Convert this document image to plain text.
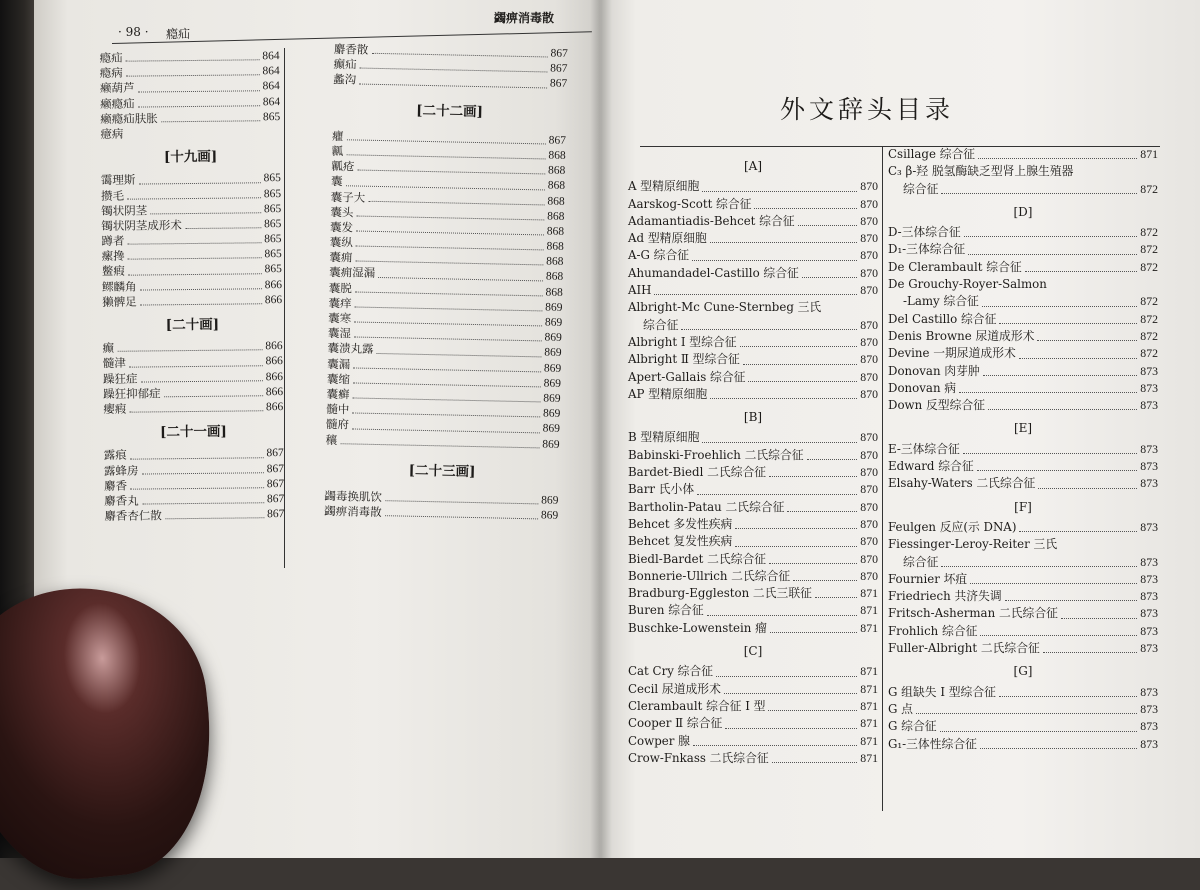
· 98 · 瘾疝
蠲痹消毒散
瘾疝	864
瘾病	864
癞葫芦	864
癞瘾疝	864
癞瘾疝肤胀	865
癔病
[十九画]
霭理斯	865
攒毛	865
镯状阴茎	865
镯状阴茎成形术	865
蹲者	865
瘰搀	865
鳖瘕	865
鳏麟角	866
獭髀足	866
[二十画]
癫	866
髓津	866
躁狂症	866
躁狂抑郁症	866
瘿瘕	866
[二十一画]
露痕	867
露蜂房	867
麝香	867
麝香丸	867
麝香杏仁散	867
麝香散	867
癫疝	867
蠡沟	867
[二十二画]
癯	867
瓤	868
瓤疮	868
囊	868
囊子大	868
囊头	868
囊发	868
囊纵	868
囊痈	868
囊痈湿漏	868
囊脱	868
囊痒	869
囊寒	869
囊湿	869
囊溃丸露	869
囊漏	869
囊缩	869
囊癣	869
髓中	869
髓府	869
穰	869
[二十三画]
蠲毒换肌饮	869
蠲痹消毒散	869
外文辞头目录
[A]
A 型精原细胞	870
Aarskog-Scott 综合征	870
Adamantiadis-Behcet 综合征	870
Ad 型精原细胞	870
A-G 综合征	870
Ahumandadel-Castillo 综合征	870
AIH	870
Albright-Mc Cune-Sternbeg 三氏
综合征	870
Albright Ⅰ 型综合征	870
Albright Ⅱ 型综合征	870
Apert-Gallais 综合征	870
AP 型精原细胞	870
[B]
B 型精原细胞	870
Babinski-Froehlich 二氏综合征	870
Bardet-Biedl 二氏综合征	870
Barr 氏小体	870
Bartholin-Patau 二氏综合征	870
Behcet 多发性疾病	870
Behcet 复发性疾病	870
Biedl-Bardet 二氏综合征	870
Bonnerie-Ullrich 二氏综合征	870
Bradburg-Eggleston 二氏三联征	871
Buren 综合征	871
Buschke-Lowenstein 瘤	871
[C]
Cat Cry 综合征	871
Cecil 尿道成形术	871
Clerambault 综合征 Ⅰ 型	871
Cooper Ⅱ 综合征	871
Cowper 腺	871
Crow-Fnkass 二氏综合征	871
Csillage 综合征	871
C₃ β-羟 脱氢酶缺乏型肾上腺生殖器
综合征	872
[D]
D-三体综合征	872
D₁-三体综合征	872
De Clerambault 综合征	872
De Grouchy-Royer-Salmon
-Lamy 综合征	872
Del Castillo 综合征	872
Denis Browne 尿道成形术	872
Devine 一期尿道成形术	872
Donovan 肉芽肿	873
Donovan 病	873
Down 反型综合征	873
[E]
E-三体综合征	873
Edward 综合征	873
Elsahy-Waters 二氏综合征	873
[F]
Feulgen 反应(示 DNA)	873
Fiessinger-Leroy-Reiter 三氏
综合征	873
Fournier 坏疽	873
Friedriech 共济失调	873
Fritsch-Asherman 二氏综合征	873
Frohlich 综合征	873
Fuller-Albright 二氏综合征	873
[G]
G 组缺失 Ⅰ 型综合征	873
G 点	873
G 综合征	873
G₁-三体性综合征	873
